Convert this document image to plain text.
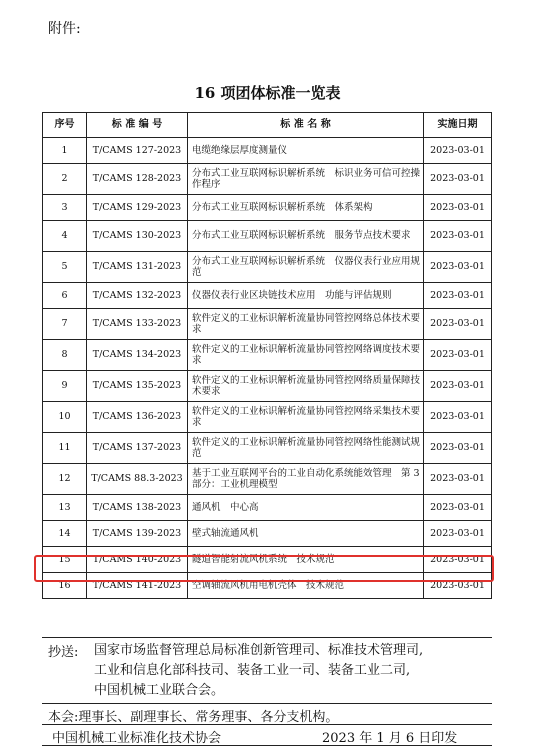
附件:
16 项团体标准一览表
序号	标 准 编 号	标 准 名 称	实施日期
1	T/CAMS 127-2023	电缆绝缘层厚度测量仪	2023-03-01
2	T/CAMS 128-2023	分布式工业互联网标识解析系统　标识业务可信可控操作程序	2023-03-01
3	T/CAMS 129-2023	分布式工业互联网标识解析系统　体系架构	2023-03-01
4	T/CAMS 130-2023	分布式工业互联网标识解析系统　服务节点技术要求	2023-03-01
5	T/CAMS 131-2023	分布式工业互联网标识解析系统　仪器仪表行业应用规范	2023-03-01
6	T/CAMS 132-2023	仪器仪表行业区块链技术应用　功能与评估规则	2023-03-01
7	T/CAMS 133-2023	软件定义的工业标识解析流量协同管控网络总体技术要求	2023-03-01
8	T/CAMS 134-2023	软件定义的工业标识解析流量协同管控网络调度技术要求	2023-03-01
9	T/CAMS 135-2023	软件定义的工业标识解析流量协同管控网络质量保障技术要求	2023-03-01
10	T/CAMS 136-2023	软件定义的工业标识解析流量协同管控网络采集技术要求	2023-03-01
11	T/CAMS 137-2023	软件定义的工业标识解析流量协同管控网络性能测试规范	2023-03-01
12	T/CAMS 88.3-2023	基于工业互联网平台的工业自动化系统能效管理　第 3 部分：工业机理模型	2023-03-01
13	T/CAMS 138-2023	通风机　中心高	2023-03-01
14	T/CAMS 139-2023	壁式轴流通风机	2023-03-01
15	T/CAMS 140-2023	隧道智能射流风机系统　技术规范	2023-03-01
16	T/CAMS 141-2023	空调轴流风机用电机壳体　技术规范	2023-03-01
抄送: 国家市场监督管理总局标准创新管理司、标准技术管理司,
工业和信息化部科技司、装备工业一司、装备工业二司,
中国机械工业联合会。
本会:理事长、副理事长、常务理事、各分支机构。
中国机械工业标准化技术协会	2023 年 1 月 6 日印发
